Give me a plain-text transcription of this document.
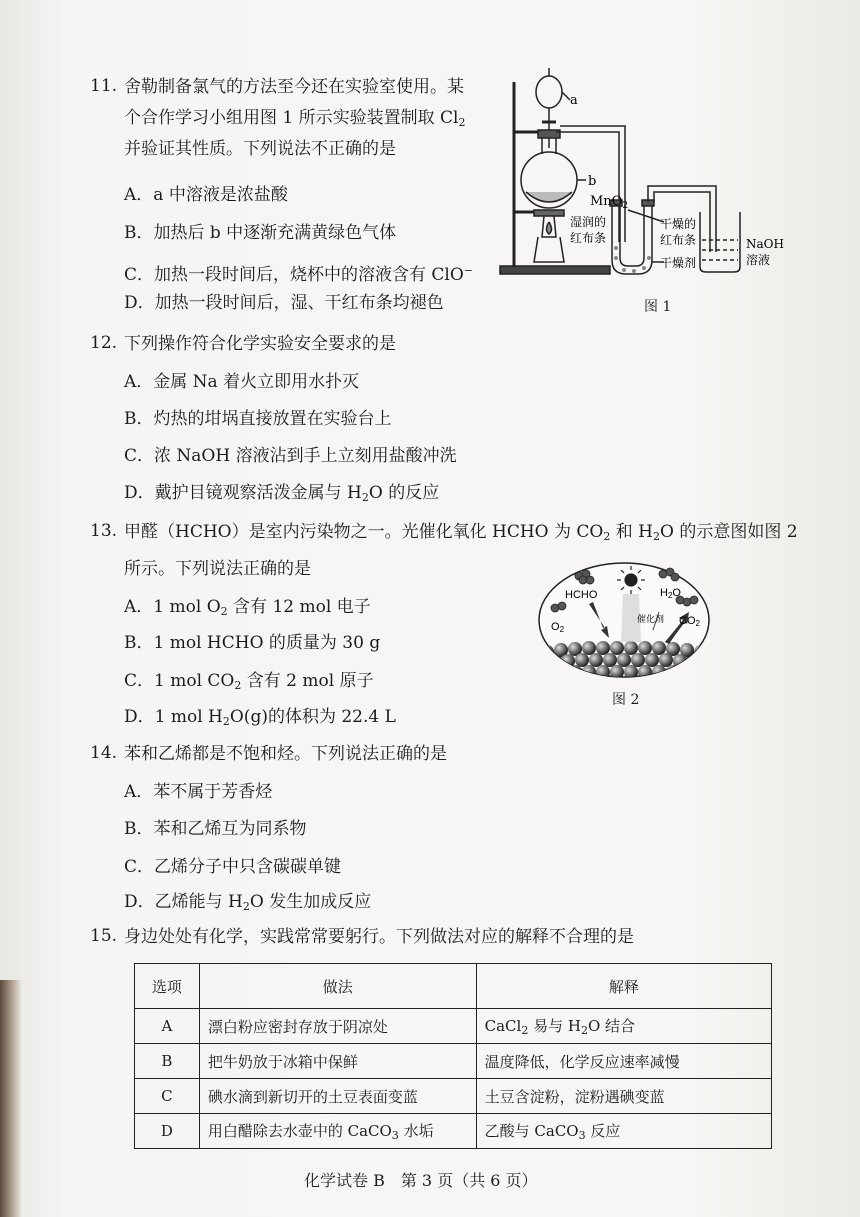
11. 舍勒制备氯气的方法至今还在实验室使用。某
个合作学习小组用图 1 所示实验装置制取 $Cl_2$
并验证其性质。下列说法不正确的是
A．a 中溶液是浓盐酸
B．加热后 b 中逐渐充满黄绿色气体
C．加热一段时间后，烧杯中的溶液含有 ClO−
D．加热一段时间后，湿、干红布条均褪色
a
b
MnO$_2$
湿润的
红布条
干燥的
红布条
干燥剂
NaOH
溶液
图 1
12. 下列操作符合化学实验安全要求的是
A．金属 Na 着火立即用水扑灭
B．灼热的坩埚直接放置在实验台上
C．浓 NaOH 溶液沾到手上立刻用盐酸冲洗
D．戴护目镜观察活泼金属与 $H_2O$ 的反应
13. 甲醛（HCHO）是室内污染物之一。光催化氧化 HCHO 为 $CO_2$ 和 $H_2O$ 的示意图如图 2
所示。下列说法正确的是
A．1 mol $O_2$ 含有 12 mol 电子
B．1 mol HCHO 的质量为 30 g
C．1 mol $CO_2$ 含有 2 mol 原子
D．1 mol $H_2O(g)$的体积为 22.4 L
HCHO	H2O
O2
催化剂 CO2
图 2
14. 苯和乙烯都是不饱和烃。下列说法正确的是
A．苯不属于芳香烃
B．苯和乙烯互为同系物
C．乙烯分子中只含碳碳单键
D．乙烯能与 $H_2O$ 发生加成反应
15. 身边处处有化学，实践常常要躬行。下列做法对应的解释不合理的是
选项	做法	解释
A	漂白粉应密封存放于阴凉处	CaCl$_2$ 易与 $H_2O$ 结合
B	把牛奶放于冰箱中保鲜	温度降低，化学反应速率减慢
C	碘水滴到新切开的土豆表面变蓝	土豆含淀粉，淀粉遇碘变蓝
D	用白醋除去水壶中的 CaCO$_3$ 水垢	乙酸与 CaCO$_3$ 反应
化学试卷 B　第 3 页（共 6 页）
